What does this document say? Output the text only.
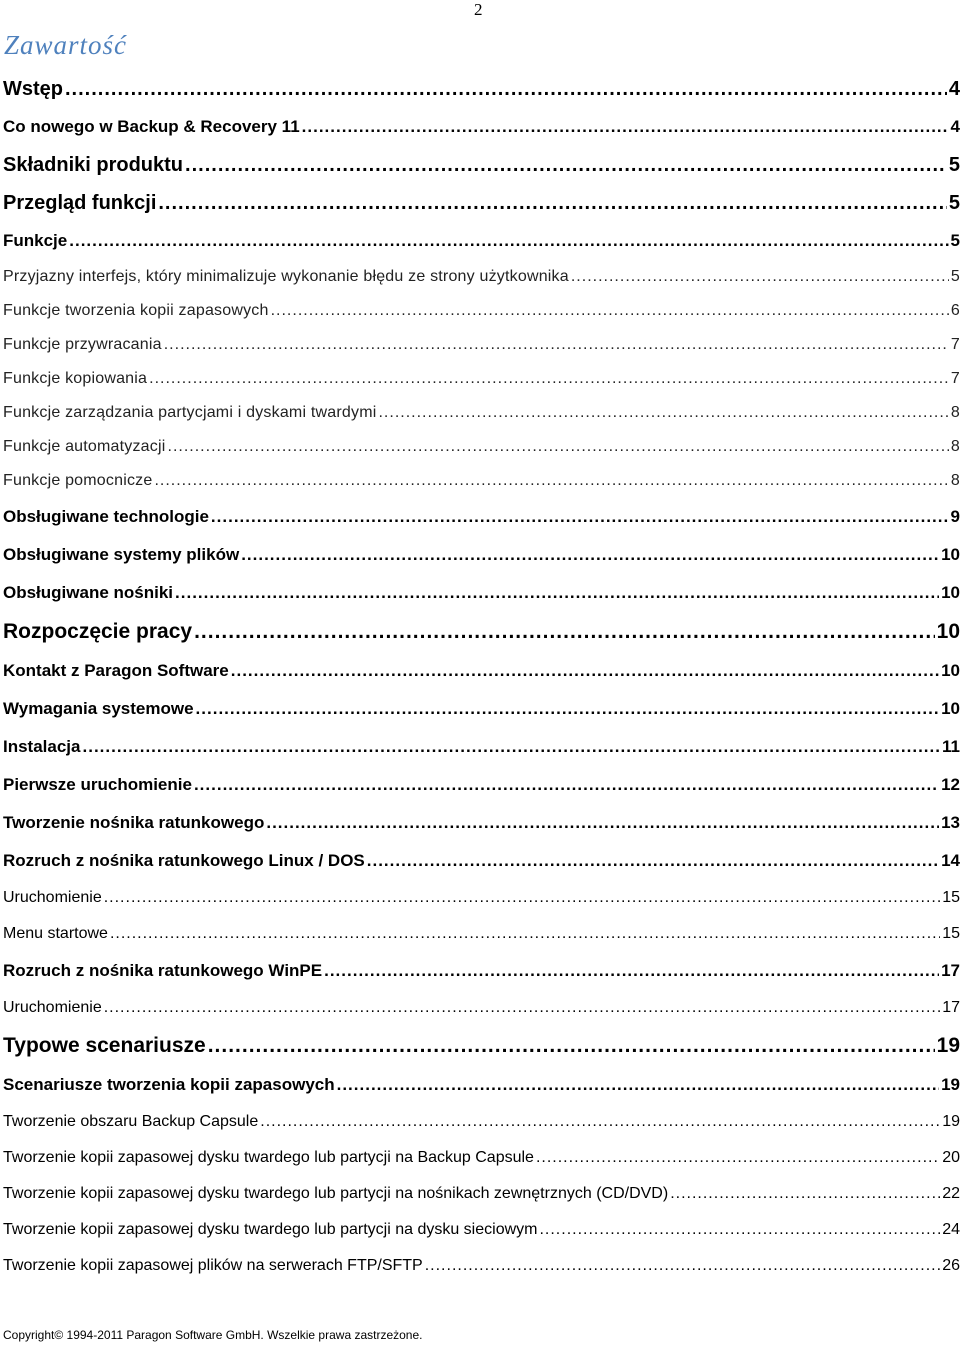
2
Zawartość
Wstęp .....	4
Co nowego w Backup & Recovery 11 .....	4
Składniki produktu .....	5
Przegląd funkcji .....	5
Funkcje .....	5
Przyjazny interfejs, który minimalizuje wykonanie błędu ze strony użytkownika .....	5
Funkcje tworzenia kopii zapasowych .....	6
Funkcje przywracania .....	7
Funkcje kopiowania .....	7
Funkcje zarządzania partycjami i dyskami twardymi .....	8
Funkcje automatyzacji .....	8
Funkcje pomocnicze .....	8
Obsługiwane technologie .....	9
Obsługiwane systemy plików .....	10
Obsługiwane nośniki .....	10
Rozpoczęcie pracy .....	10
Kontakt z Paragon Software .....	10
Wymagania systemowe .....	10
Instalacja .....	11
Pierwsze uruchomienie .....	12
Tworzenie nośnika ratunkowego .....	13
Rozruch z nośnika ratunkowego Linux / DOS .....	14
Uruchomienie .....	15
Menu startowe .....	15
Rozruch z nośnika ratunkowego WinPE .....	17
Uruchomienie .....	17
Typowe scenariusze .....	19
Scenariusze tworzenia kopii zapasowych .....	19
Tworzenie obszaru Backup Capsule .....	19
Tworzenie kopii zapasowej dysku twardego lub partycji na Backup Capsule .....	20
Tworzenie kopii zapasowej dysku twardego lub partycji na nośnikach zewnętrznych (CD/DVD) .....	22
Tworzenie kopii zapasowej dysku twardego lub partycji na dysku sieciowym .....	24
Tworzenie kopii zapasowej plików na serwerach FTP/SFTP .....	26
Copyright© 1994-2011 Paragon Software GmbH. Wszelkie prawa zastrzeżone.
